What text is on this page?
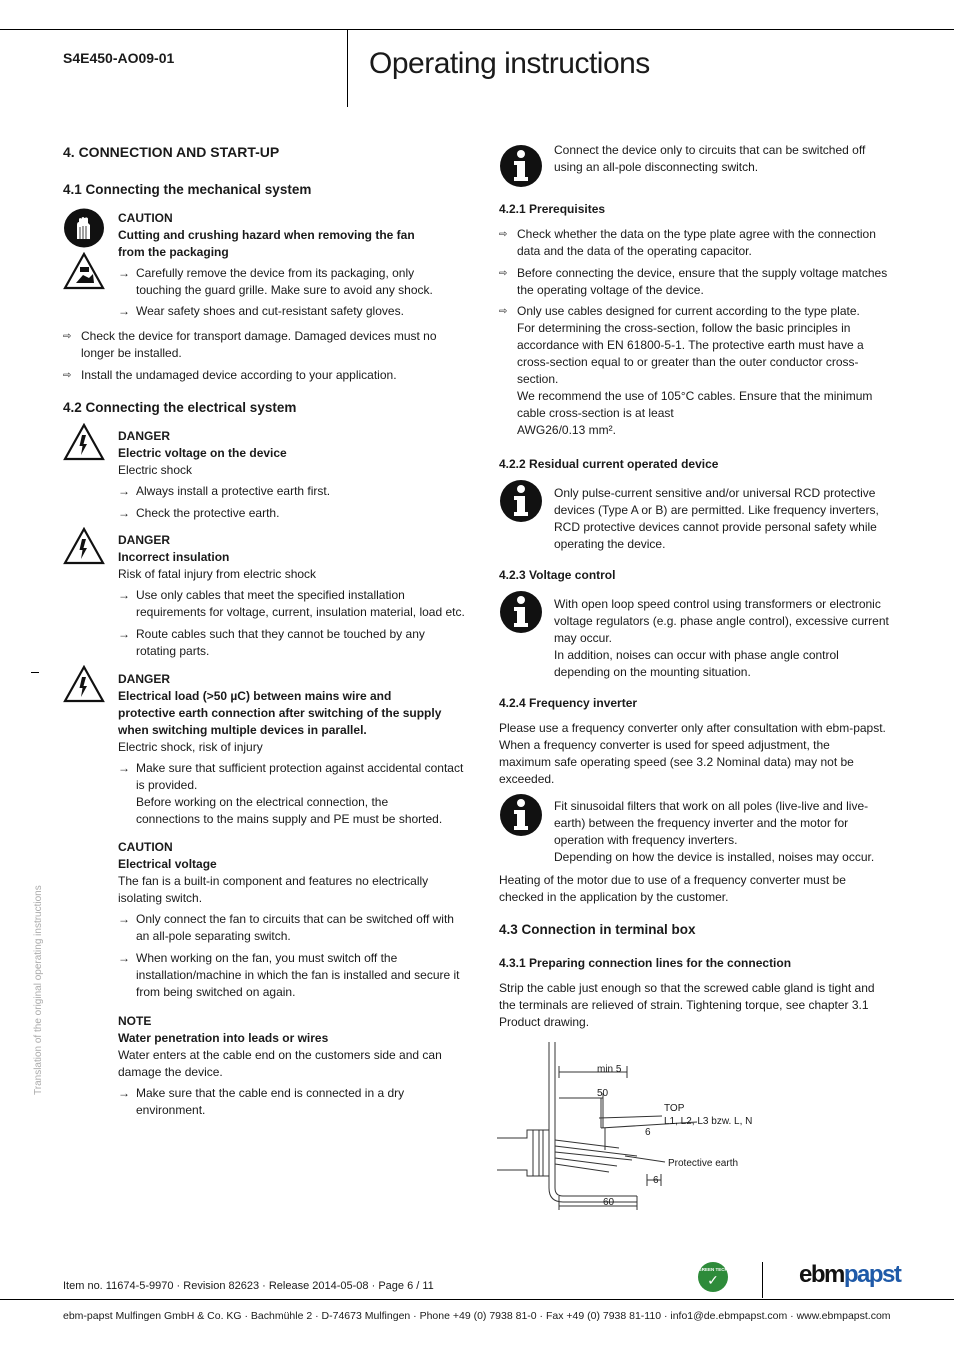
S4E450-AO09-01	Operating instructions
Translation of the original operating instructions
4. CONNECTION AND START-UP
4.1 Connecting the mechanical system

CAUTION

Cutting and crushing hazard when removing the fan

from the packaging

→ Carefully remove the device from its packaging, only

touching the guard grille. Make sure to avoid any shock.

→ Wear safety shoes and cut-resistant safety gloves.

⇨ Check the device for transport damage. Damaged devices must no

longer be installed.

⇨ Install the undamaged device according to your application.

4.2 Connecting the electrical system

DANGER

Electric voltage on the device

Electric shock

→ Always install a protective earth first.

→ Check the protective earth.

DANGER

Incorrect insulation

Risk of fatal injury from electric shock

→ Use only cables that meet the specified installation

requirements for voltage, current, insulation material, load etc.

→ Route cables such that they cannot be touched by any

rotating parts.

DANGER

Electrical load (>50 µC) between mains wire and

protective earth connection after switching of the supply

when switching multiple devices in parallel.

Electric shock, risk of injury

→ Make sure that sufficient protection against accidental contact

is provided.

Before working on the electrical connection, the

connections to the mains supply and PE must be shorted.

CAUTION

Electrical voltage

The fan is a built-in component and features no electrically

isolating switch.

→ Only connect the fan to circuits that can be switched off with

an all-pole separating switch.

→ When working on the fan, you must switch off the

installation/machine in which the fan is installed and secure it

from being switched on again.

NOTE

Water penetration into leads or wires

Water enters at the cable end on the customers side and can

damage the device.

→ Make sure that the cable end is connected in a dry

environment.

Connect the device only to circuits that can be switched off

using an all-pole disconnecting switch.

4.2.1 Prerequisites
⇨ Check whether the data on the type plate agree with the connection

data and the data of the operating capacitor.

⇨ Before connecting the device, ensure that the supply voltage matches

the operating voltage of the device.

⇨ Only use cables designed for current according to the type plate.

For determining the cross-section, follow the basic principles in

accordance with EN 61800-5-1. The protective earth must have a

cross-section equal to or greater than the outer conductor cross-

section.

We recommend the use of 105°C cables. Ensure that the minimum

cable cross-section is at least

AWG26/0.13 mm².

4.2.2 Residual current operated device

Only pulse-current sensitive and/or universal RCD protective

devices (Type A or B) are permitted. Like frequency inverters,

RCD protective devices cannot provide personal safety while

operating the device.

4.2.3 Voltage control

With open loop speed control using transformers or electronic

voltage regulators (e.g. phase angle control), excessive current

may occur.

In addition, noises can occur with phase angle control

depending on the mounting situation.

4.2.4 Frequency inverter

Please use a frequency converter only after consultation with ebm-papst.

When a frequency converter is used for speed adjustment, the

maximum safe operating speed (see 3.2 Nominal data) may not be

exceeded.

Fit sinusoidal filters that work on all poles (live-live and live-

earth) between the frequency inverter and the motor for

operation with frequency inverters.

Depending on how the device is installed, noises may occur.

Heating of the motor due to use of a frequency converter must be

checked in the application by the customer.

4.3 Connection in terminal box
4.3.1 Preparing connection lines for the connection

Strip the cable just enough so that the screwed cable gland is tight and

the terminals are relieved of strain. Tightening torque, see chapter 3.1

Product drawing.

min 5
50
TOP
L1, L2, L3 bzw. L, N
6
Protective earth
6
60
Item no. 11674-5-9970 · Revision 82623 · Release 2014-05-08 · Page 6 / 11
GREEN TECH
✓	ebmpapst
ebm-papst Mulfingen GmbH & Co. KG · Bachmühle 2 · D-74673 Mulfingen · Phone +49 (0) 7938 81-0 · Fax +49 (0) 7938 81-110 · info1@de.ebmpapst.com · www.ebmpapst.com
